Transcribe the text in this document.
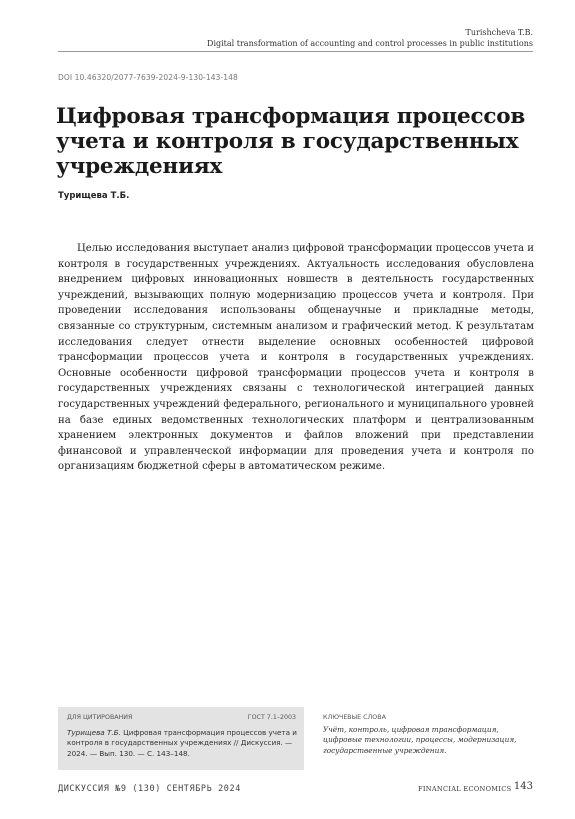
Turishcheva T.B.
Digital transformation of accounting and control processes in public institutions
DOI 10.46320/2077-7639-2024-9-130-143-148
Цифровая трансформация процессов учета и контроля в государственных учреждениях
Турищева Т.Б.

Целью исследования выступает анализ цифровой трансформации процессов учета и контроля в государственных учреждениях. Актуальность исследования обусловлена внедрением цифровых инновационных новшеств в деятельность государственных учреждений, вызывающих полную модернизацию процессов учета и контроля. При проведении исследования использованы общенаучные и прикладные методы, связанные со структурным, системным анализом и графический метод. К результатам исследования следует отнести выделение основных особенностей цифровой трансформации процессов учета и контроля в государственных учреждениях. Основные особенности цифровой трансформации процессов учета и контроля в государственных учреждениях связаны с технологической интеграцией данных государственных учреждений федерального, регионального и муниципального уровней на базе единых ведомственных технологических платформ и централизованным хранением электронных документов и файлов вложений при представлении финансовой и управленческой информации для проведения учета и контроля по организациям бюджетной сферы в автоматическом режиме.

ДЛЯ ЦИТИРОВАНИЯ	ГОСТ 7.1–2003
Турищева Т.Б. Цифровая трансформация процессов учета и контроля в государственных учреждениях // Дискуссия. — 2024. — Вып. 130. — С. 143–148.
КЛЮЧЕВЫЕ СЛОВА
Учёт, контроль, цифровая трансформация, цифровые технологии, процессы, модернизация, государственные учреждения.
ДИСКУССИЯ №9 (130) СЕНТЯБРЬ 2024	FINANCIAL ECONOMICS 143
